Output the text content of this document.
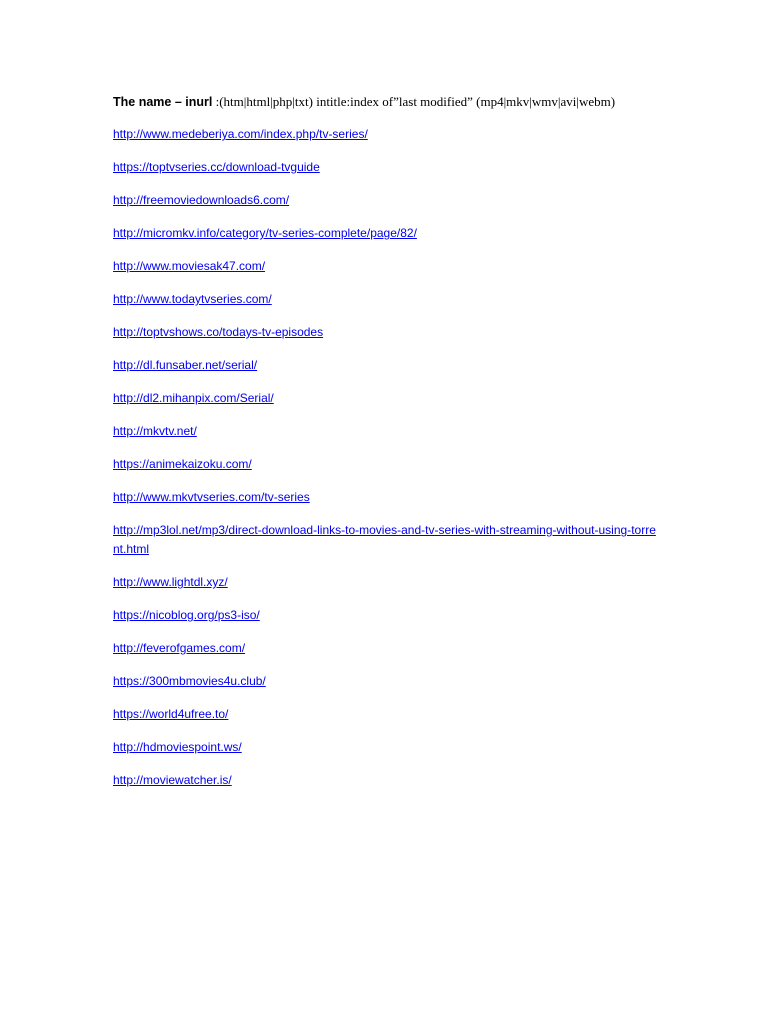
The name – inurl :(htm|html|php|txt) intitle:index of”last modified” (mp4|mkv|wmv|avi|webm)
http://www.medeberiya.com/index.php/tv-series/
https://toptvseries.cc/download-tvguide
http://freemoviedownloads6.com/
http://micromkv.info/category/tv-series-complete/page/82/
http://www.moviesak47.com/
http://www.todaytvseries.com/
http://toptvshows.co/todays-tv-episodes
http://dl.funsaber.net/serial/
http://dl2.mihanpix.com/Serial/
http://mkvtv.net/
https://animekaizoku.com/
http://www.mkvtvseries.com/tv-series
http://mp3lol.net/mp3/direct-download-links-to-movies-and-tv-series-with-streaming-without-using-torrent.html
http://www.lightdl.xyz/
https://nicoblog.org/ps3-iso/
http://feverofgames.com/
https://300mbmovies4u.club/
https://world4ufree.to/
http://hdmoviespoint.ws/
http://moviewatcher.is/
